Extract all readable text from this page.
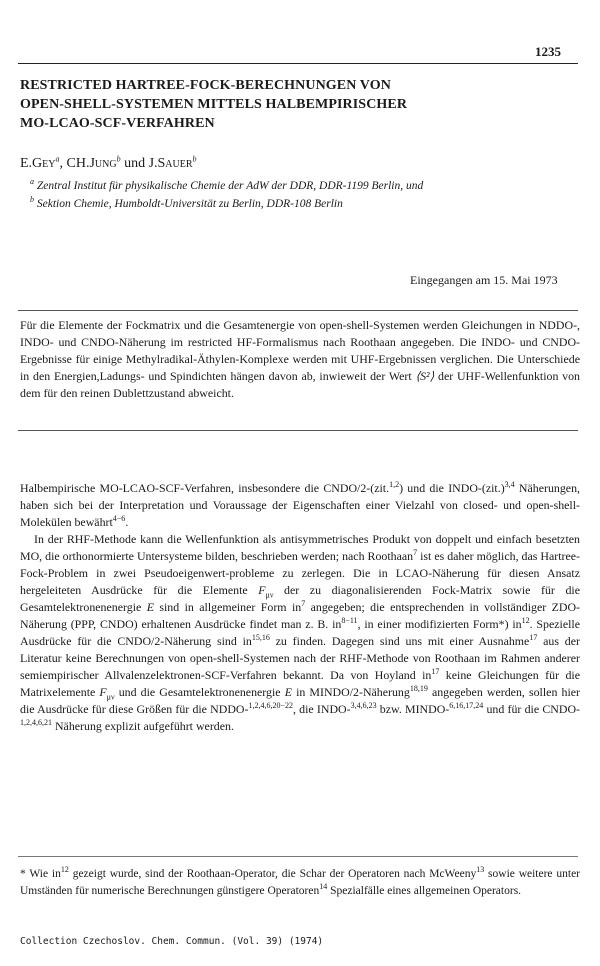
1235
RESTRICTED HARTREE-FOCK-BERECHNUNGEN VON
OPEN-SHELL-SYSTEMEN MITTELS HALBEMPIRISCHER
MO-LCAO-SCF-VERFAHREN
E.Gey$^a$, CH.Jung$^b$ und J.Sauer$^b$
$^a$ Zentral Institut für physikalische Chemie der AdW der DDR, DDR-1199 Berlin, und
$^b$ Sektion Chemie, Humboldt-Universität zu Berlin, DDR-108 Berlin
Eingegangen am 15. Mai 1973
Für die Elemente der Fockmatrix und die Gesamtenergie von open-shell-Systemen werden Gleichungen in NDDO-, INDO- und CNDO-Näherung im restricted HF-Formalismus nach Roothaan angegeben. Die INDO- und CNDO-Ergebnisse für einige Methylradikal-Äthylen-Komplexe werden mit UHF-Ergebnissen verglichen. Die Unterschiede in den Energien,Ladungs- und Spindichten hängen davon ab, inwieweit der Wert ⟨S²⟩ der UHF-Wellenfunktion von dem für den reinen Dublettzustand abweicht.
Halbempirische MO-LCAO-SCF-Verfahren, insbesondere die CNDO/2-(zit.$^{1,2}$) und die INDO-$(zit.)^{3,4}$ Näherungen, haben sich bei der Interpretation und Voraussage der Eigenschaften einer Vielzahl von closed- und open-shell-Molekülen bewährt$^{4-6}$.
In der RHF-Methode kann die Wellenfunktion als antisymmetrisches Produkt von doppelt und einfach besetzten MO, die orthonormierte Untersysteme bilden, beschrieben werden; nach Roothaan$^7$ ist es daher möglich, das Hartree-Fock-Problem in zwei Pseudoeigenwert-probleme zu zerlegen. Die in LCAO-Näherung für diesen Ansatz hergeleiteten Ausdrücke für die Elemente $F_{\mu\nu}$ der zu diagonalisierenden Fock-Matrix sowie für die Gesamtelektronenenergie E sind in allgemeiner Form $in^7$ angegeben; die entsprechenden in vollständiger ZDO-Näherung (PPP, CNDO) erhaltenen Ausdrücke findet man z. B. $in^{8-11}$, in einer modifizierten Form*) $in^{12}$. Spezielle Ausdrücke für die CNDO/2-Näherung sind in$^{15,16}$ zu finden. Dagegen sind uns mit einer Ausnahme$^{17}$ aus der Literatur keine Berechnungen von open-shell-Systemen nach der RHF-Methode von Roothaan im Rahmen anderer semiempirischer Allvalenzelektronen-SCF-Verfahren bekannt. Da von Hoyland $in^{17}$ keine Gleichungen für die Matrixelemente $F_{\mu\nu}$ und die Gesamtelektronenenergie E in MINDO/2-Näherung$^{18,19}$ angegeben werden, sollen hier die Ausdrücke für diese Größen für die NDDO-$^{1,2,4,6,20-22}$, die INDO-$^{3,4,6,23}$ bzw. MINDO-$^{6,16,17,24}$ und für die CNDO-$^{1,2,4,6,21}$ Näherung explizit aufgeführt werden.
* Wie $in^{12}$ gezeigt wurde, sind der Roothaan-Operator, die Schar der Operatoren nach McWeeny$^{13}$ sowie weitere unter Umständen für numerische Berechnungen günstigere Operatoren$^{14}$ Spezialfälle eines allgemeinen Operators.
Collection Czechoslov. Chem. Commun. (Vol. 39) (1974)
